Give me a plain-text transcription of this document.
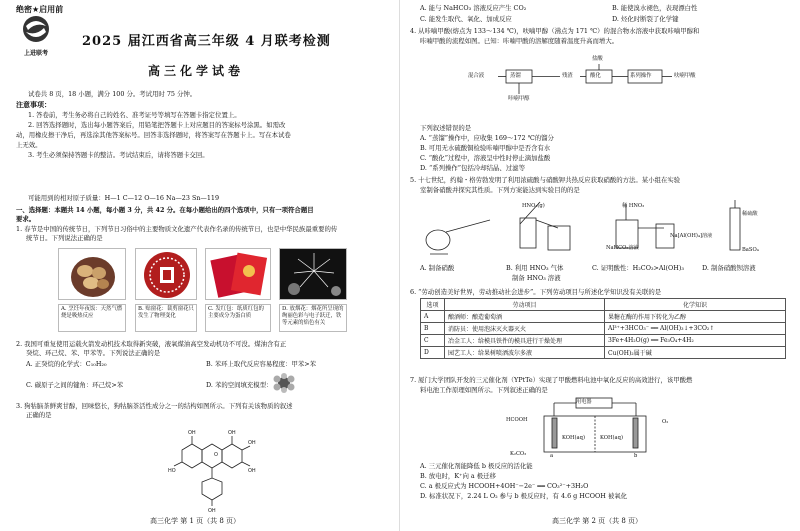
绝密★启用前
上进联考
2025 届江西省高三年级 4 月联考检测
高三化学试卷
试卷共 8 页，18 小题，满分 100 分。考试用时 75 分钟。
注意事项：
1. 答卷前，考生务必将自己的姓名、准考证号等填写在答题卡指定位置上。
2. 回答选择题时，选出每小题答案后，用铅笔把答题卡上对应题目的答案标号涂黑。如需改
动，用橡皮擦干净后，再选涂其他答案标号。回答非选择题时，将答案写在答题卡上。写在本试卷
上无效。
3. 考生必须保持答题卡的整洁。考试结束后，请将答题卡交回。
可能用到的相对原子质量：H—1 C—12 O—16 Na—23 Sn—119
一、选择题：本题共 14 小题，每小题 3 分，共 42 分。在每小题给出的四个选项中，只有一项符合题目
要求。
1. 春节是中国的传统节日，下列节日习俗中的主要物质文化遗产代表作名录的传统节日，也是中华民族最重要的传
统节日。下列说法正确的是
A. 烹饪年夜饭：天然气燃烧是吸热反应
B. 贴窗花：裁剪窗花只发生了物理变化
C. 发红包：纸质红包的主要成分为蛋白质
D. 放烟花：烟花所呈现的绚丽色彩与电子跃迁，铁等元素的焰色有关
2. 我国可重复使用运载火箭发动机技术取得新突破，液氧煤油高空发动机功不可没。煤油含有正
癸烷、环己烷、苯、甲苯等。下列说法正确的是
A. 正癸烷的化学式：C₁₀H₂₀	B. 苯环上取代反应容易程度：甲苯>苯
C. 碳原子之间的键角：环己烷>苯	D. 苯的空间填充模型：
3. 狗牯脑茶鲜爽甘醇，回味悠长，狗牯脑茶活性成分之一的结构如图所示。下列有关该物质的叙述
正确的是
OH	OH
OH
OH
HO
OH
O
高三化学 第 1 页（共 8 页）
A. 能与 NaHCO₃ 溶液反应产生 CO₂	B. 能使溴水褪色，表现漂白性
C. 能发生取代、氧化、加成反应	D. 烃化时断裂了化学键
4. 从咔喃甲酸(熔点为 133～134 ℃)，呋喃甲醇（沸点为 171 ℃）的混合物水溶液中获取咔喃甲醇和
咔喃甲酸的流程如图。已知：咔喃甲酸的溶解度随着温度升高而增大。
混合液	蒸馏	残渣	酸化	系列操作	呋喃甲酸
盐酸
咔喃甲醇
下列叙述错误的是
A. “蒸馏”操作中，应收集 169～172 ℃的馏分
B. 可用无水硫酸铜检验咔喃甲醇中是否含有水
C. “酸化”过程中，溶液呈中性时停止滴加盐酸
D. “系列操作”包括冷却结晶、过滤等
5. 十七世纪，约翰・格劳勃发明了利用浓硫酸与硝酸钾共热反应获取硝酸的方法。某小组在实验
室制备硝酸并探究其性质。下列方案能达到实验目的的是
HNO₃(g)	稀 HNO₃
NaHCO₃溶液
Na[Al(OH)₄]溶液
稀硫酸
BaSO₄
A. 制备硝酸	B. 利用 HNO₃ 气体
制备 HNO₃ 溶液
C. 证明酸性：H₂CO₃>Al(OH)₃	D. 制备硝酸钡溶液
6. “劳动创造美好世界，劳动推动社会进步”。下列劳动项目与所述化学知识没有关联的是
选项	劳动项目	化学知识
A	酿酒师：酿造葡萄酒	果糖在酶的作用下转化为乙醇
B	消防员：使用泡沫灭火器灭火	Al³⁺+3HCO₃⁻ ══ Al(OH)₃↓+3CO₂↑
C	冶金工人：给模具铁件的模具进行干燥处理	3Fe+4H₂O(g) ══ Fe₃O₄+4H₂
D	园艺工人：给果树喷洒波尔多液	Cu(OH)₂属于碱
7. 厦门大学团队开发的三元催化剂（YPtTe）实现了甲酸燃料电池中氧化反应的高效进行，该甲酸燃
料电池工作原理如图所示。下列叙述正确的是
用电器
HCOOH
K₂CO₃
KOH(aq)	KOH(aq)
O₂
a	b
A. 三元催化剂能降低 b 极反应的活化能
B. 放电时，K⁺向 a 极迁移
C. a 极反应式为 HCOOH+4OH⁻−2e⁻ ══ CO₃²⁻+3H₂O
D. 标准状况下，2.24 L O₂ 参与 b 极反应时，有 4.6 g HCOOH 被氧化
高三化学 第 2 页（共 8 页）
